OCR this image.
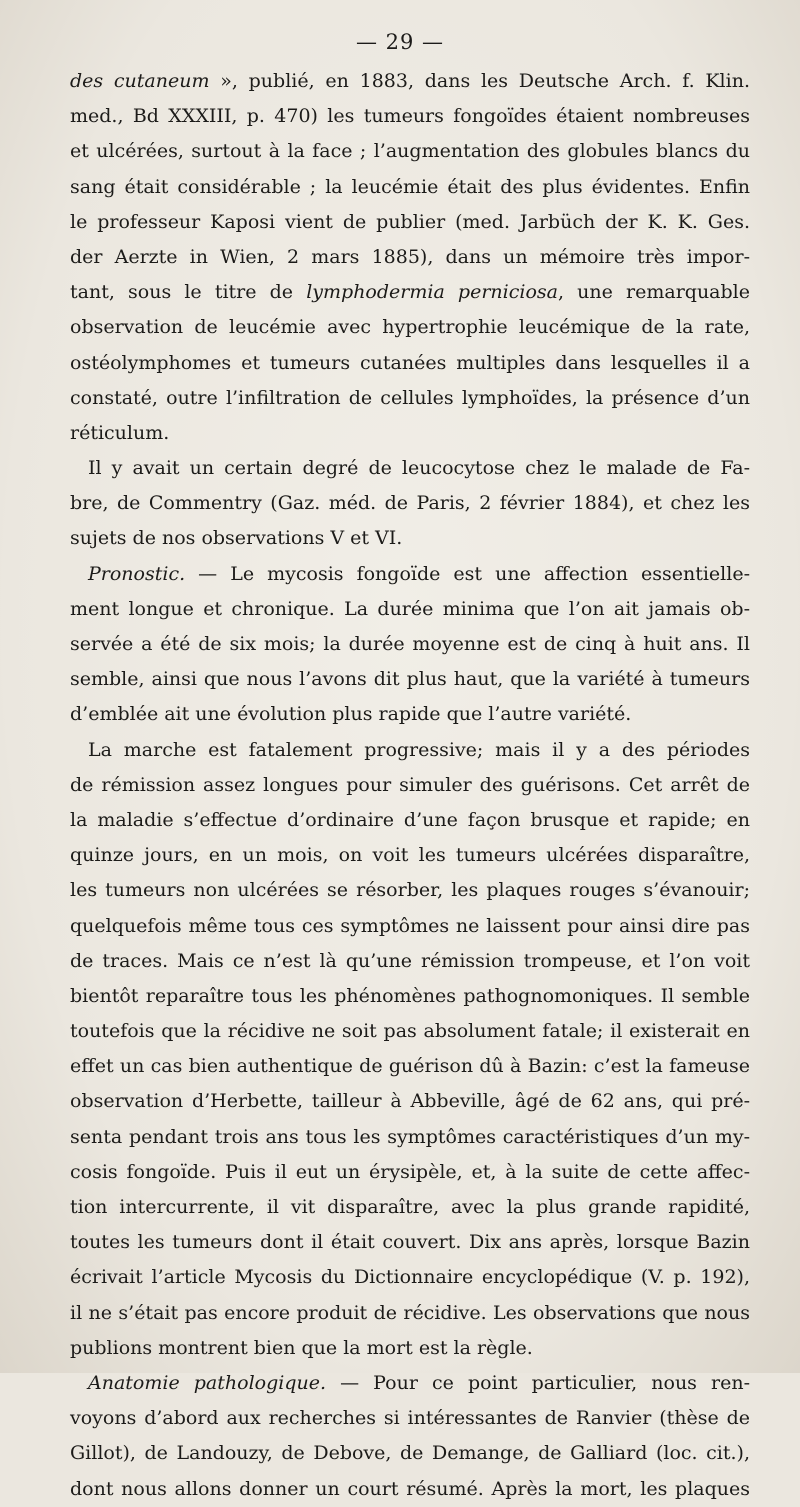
— 29 —
des cutaneum », publié, en 1883, dans les Deutsche Arch. f. Klin.
med., Bd XXXIII, p. 470) les tumeurs fongoïdes étaient nombreuses
et ulcérées, surtout à la face ; l’augmentation des globules blancs du
sang était considérable ; la leucémie était des plus évidentes. Enfin
le professeur Kaposi vient de publier (med. Jarbüch der K. K. Ges.
der Aerzte in Wien, 2 mars 1885), dans un mémoire très impor-
tant, sous le titre de lymphodermia perniciosa, une remarquable
observation de leucémie avec hypertrophie leucémique de la rate,
ostéolymphomes et tumeurs cutanées multiples dans lesquelles il a
constaté, outre l’infiltration de cellules lymphoïdes, la présence d’un
réticulum.
Il y avait un certain degré de leucocytose chez le malade de Fa-
bre, de Commentry (Gaz. méd. de Paris, 2 février 1884), et chez les
sujets de nos observations V et VI.
Pronostic. — Le mycosis fongoïde est une affection essentielle-
ment longue et chronique. La durée minima que l’on ait jamais ob-
servée a été de six mois; la durée moyenne est de cinq à huit ans. Il
semble, ainsi que nous l’avons dit plus haut, que la variété à tumeurs
d’emblée ait une évolution plus rapide que l’autre variété.
La marche est fatalement progressive; mais il y a des périodes
de rémission assez longues pour simuler des guérisons. Cet arrêt de
la maladie s’effectue d’ordinaire d’une façon brusque et rapide; en
quinze jours, en un mois, on voit les tumeurs ulcérées disparaître,
les tumeurs non ulcérées se résorber, les plaques rouges s’évanouir;
quelquefois même tous ces symptômes ne laissent pour ainsi dire pas
de traces. Mais ce n’est là qu’une rémission trompeuse, et l’on voit
bientôt reparaître tous les phénomènes pathognomoniques. Il semble
toutefois que la récidive ne soit pas absolument fatale; il existerait en
effet un cas bien authentique de guérison dû à Bazin: c’est la fameuse
observation d’Herbette, tailleur à Abbeville, âgé de 62 ans, qui pré-
senta pendant trois ans tous les symptômes caractéristiques d’un my-
cosis fongoïde. Puis il eut un érysipèle, et, à la suite de cette affec-
tion intercurrente, il vit disparaître, avec la plus grande rapidité,
toutes les tumeurs dont il était couvert. Dix ans après, lorsque Bazin
écrivait l’article Mycosis du Dictionnaire encyclopédique (V. p. 192),
il ne s’était pas encore produit de récidive. Les observations que nous
publions montrent bien que la mort est la règle.
Anatomie pathologique. — Pour ce point particulier, nous ren-
voyons d’abord aux recherches si intéressantes de Ranvier (thèse de
Gillot), de Landouzy, de Debove, de Demange, de Galliard (loc. cit.),
dont nous allons donner un court résumé. Après la mort, les plaques
